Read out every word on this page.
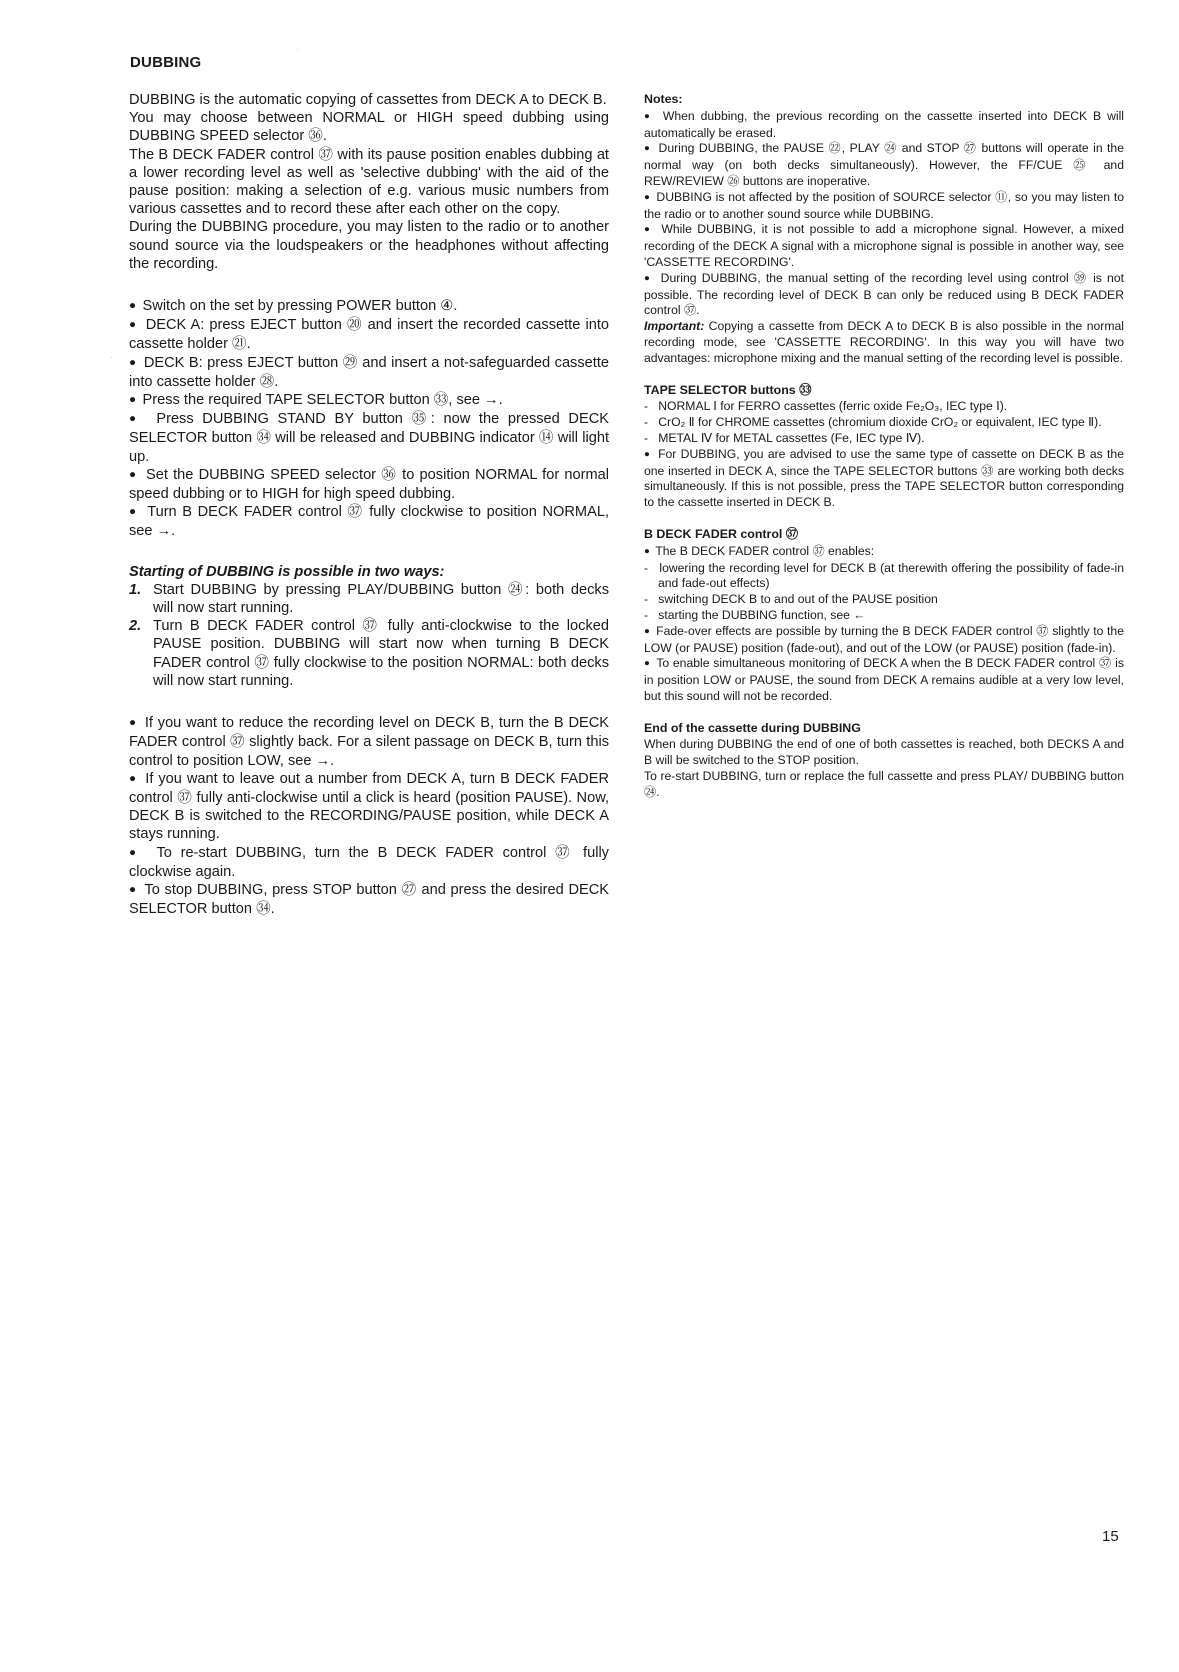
DUBBING

DUBBING is the automatic copying of cassettes from DECK A to DECK B.

You may choose between NORMAL or HIGH speed dubbing using DUBBING SPEED selector ㊱.

The B DECK FADER control ㊲ with its pause position enables dubbing at a lower recording level as well as 'selective dubbing' with the aid of the pause position: making a selection of e.g. various music numbers from various cassettes and to record these after each other on the copy.

During the DUBBING procedure, you may listen to the radio or to another sound source via the loudspeakers or the headphones without affecting the recording.

●  Switch on the set by pressing POWER button ④.

●  DECK A: press EJECT button ⑳ and insert the recorded cassette into cassette holder ㉑.

●  DECK B: press EJECT button ㉙ and insert a not-safeguarded cassette into cassette holder ㉘.

●  Press the required TAPE SELECTOR button ㉝, see →.

●  Press DUBBING STAND BY button ㉟: now the pressed DECK SELECTOR button ㉞ will be released and DUBBING indicator ⑭ will light up.

●  Set the DUBBING SPEED selector ㊱ to position NORMAL for normal speed dubbing or to HIGH for high speed dubbing.

●  Turn B DECK FADER control ㊲ fully clockwise to position NORMAL, see →.

Starting of DUBBING is possible in two ways:

1. Start DUBBING by pressing PLAY/DUBBING button ㉔: both decks will now start running.
2. Turn B DECK FADER control ㊲ fully anti-clockwise to the locked PAUSE position. DUBBING will start now when turning B DECK FADER control ㊲ fully clockwise to the position NORMAL: both decks will now start running.

●  If you want to reduce the recording level on DECK B, turn the B DECK FADER control ㊲ slightly back. For a silent passage on DECK B, turn this control to position LOW, see →.

●  If you want to leave out a number from DECK A, turn B DECK FADER control ㊲ fully anti-clockwise until a click is heard (position PAUSE). Now, DECK B is switched to the RECORDING/PAUSE position, while DECK A stays running.

●  To re-start DUBBING, turn the B DECK FADER control ㊲ fully clockwise again.

●  To stop DUBBING, press STOP button ㉗ and press the desired DECK SELECTOR button ㉞.

Notes:

●  When dubbing, the previous recording on the cassette inserted into DECK B will automatically be erased.

●  During DUBBING, the PAUSE ㉒, PLAY ㉔ and STOP ㉗ buttons will operate in the normal way (on both decks simultaneously). However, the FF/CUE ㉕ and REW/REVIEW ㉖ buttons are inoperative.

●  DUBBING is not affected by the position of SOURCE selector ⑪, so you may listen to the radio or to another sound source while DUBBING.

●  While DUBBING, it is not possible to add a microphone signal. However, a mixed recording of the DECK A signal with a microphone signal is possible in another way, see 'CASSETTE RECORDING'.

●  During DUBBING, the manual setting of the recording level using control ㊴ is not possible. The recording level of DECK B can only be reduced using B DECK FADER control ㊲.

Important: Copying a cassette from DECK A to DECK B is also possible in the normal recording mode, see 'CASSETTE RECORDING'. In this way you will have two advantages: microphone mixing and the manual setting of the recording level is possible.

TAPE SELECTOR buttons ㉝

-   NORMAL Ⅰ for FERRO cassettes (ferric oxide Fe₂O₃, IEC type Ⅰ).

-   CrO₂ Ⅱ for CHROME cassettes (chromium dioxide CrO₂ or equivalent, IEC type Ⅱ).

-   METAL Ⅳ for METAL cassettes (Fe, IEC type Ⅳ).

●  For DUBBING, you are advised to use the same type of cassette on DECK B as the one inserted in DECK A, since the TAPE SELECTOR buttons ㉝ are working both decks simultaneously. If this is not possible, press the TAPE SELECTOR button corresponding to the cassette inserted in DECK B.

B DECK FADER control ㊲

●  The B DECK FADER control ㊲ enables:

-   lowering the recording level for DECK B (at therewith offering the possibility of fade-in and fade-out effects)

-   switching DECK B to and out of the PAUSE position

-   starting the DUBBING function, see ←

●  Fade-over effects are possible by turning the B DECK FADER control ㊲ slightly to the LOW (or PAUSE) position (fade-out), and out of the LOW (or PAUSE) position (fade-in).

●  To enable simultaneous monitoring of DECK A when the B DECK FADER control ㊲ is in position LOW or PAUSE, the sound from DECK A remains audible at a very low level, but this sound will not be recorded.

End of the cassette during DUBBING

When during DUBBING the end of one of both cassettes is reached, both DECKS A and B will be switched to the STOP position.

To re-start DUBBING, turn or replace the full cassette and press PLAY/ DUBBING button ㉔.

15
·
·
